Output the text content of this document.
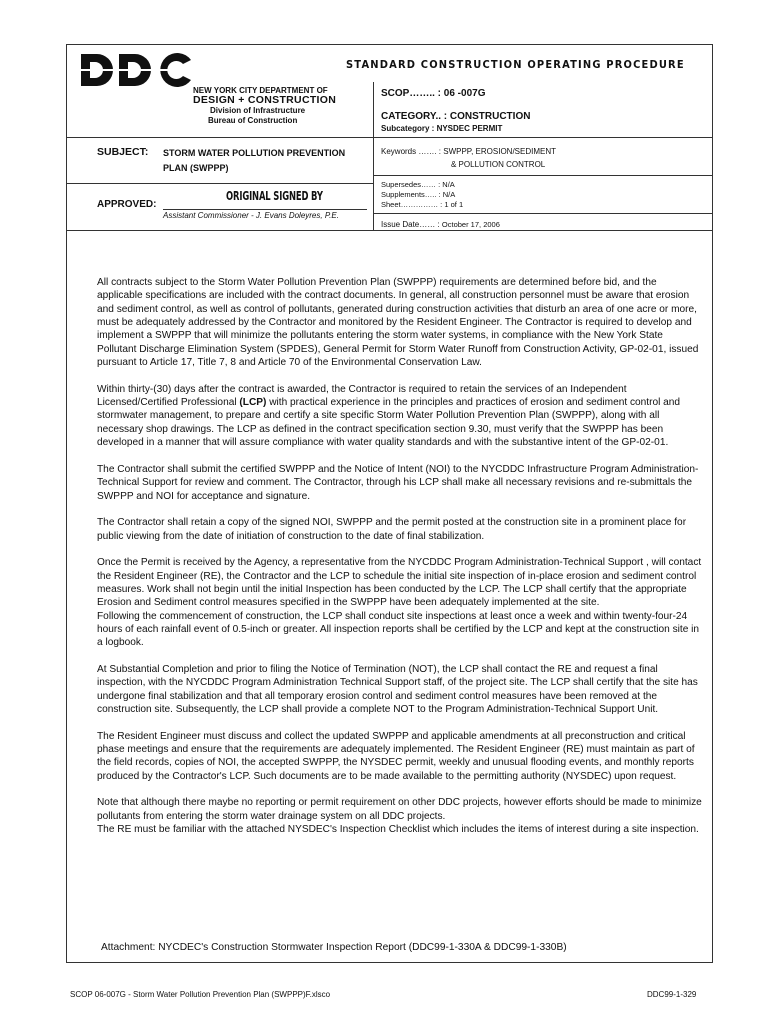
STANDARD CONSTRUCTION OPERATING PROCEDURE
NEW YORK CITY DEPARTMENT OF
DESIGN + CONSTRUCTION
Division of Infrastructure
Bureau of Construction
SUBJECT: STORM WATER POLLUTION PREVENTION
PLAN (SWPPP)
APPROVED:
ORIGINAL SIGNED BY
Assistant Commissioner - J. Evans Doleyres, P.E.
SCOP…….. : 06 -007G
CATEGORY.. : CONSTRUCTION
Subcategory : NYSDEC PERMIT
Keywords ……. : SWPPP, EROSION/SEDIMENT
& POLLUTION CONTROL
Supersedes…… : N/A
Supplements….. : N/A
Sheet…………… : 1 of 1
Issue Date…… : October 17, 2006

All contracts subject to the Storm Water Pollution Prevention Plan (SWPPP) requirements are determined before bid, and the applicable specifications are included with the contract documents. In general, all construction personnel must be aware that erosion and sediment control, as well as control of pollutants, generated during construction activities that disturb an area of one acre or more, must be adequately addressed by the Contractor and monitored by the Resident Engineer. The Contractor is required to develop and implement a SWPPP that will minimize the pollutants entering the storm water systems, in compliance with the New York State Pollutant Discharge Elimination System (SPDES), General Permit for Storm Water Runoff from Construction Activity, GP-02-01, issued pursuant to Article 17, Title 7, 8 and Article 70 of the Environmental Conservation Law.

Within thirty-(30) days after the contract is awarded, the Contractor is required to retain the services of an Independent Licensed/Certified Professional (LCP) with practical experience in the principles and practices of erosion and sediment control and stormwater management, to prepare and certify a site specific Storm Water Pollution Prevention Plan (SWPPP), along with all necessary shop drawings. The LCP as defined in the contract specification section 9.30, must verify that the SWPPP has been developed in a manner that will assure compliance with water quality standards and with the substantive intent of the GP-02-01.

The Contractor shall submit the certified SWPPP and the Notice of Intent (NOI) to the NYCDDC Infrastructure Program Administration-Technical Support for review and comment. The Contractor, through his LCP shall make all necessary revisions and re-submittals the SWPPP and NOI for acceptance and signature.

The Contractor shall retain a copy of the signed NOI, SWPPP and the permit posted at the construction site in a prominent place for public viewing from the date of initiation of construction to the date of final stabilization.

Once the Permit is received by the Agency, a representative from the NYCDDC Program Administration-Technical Support , will contact the Resident Engineer (RE), the Contractor and the LCP to schedule the initial site inspection of in-place erosion and sediment control measures. Work shall not begin until the initial Inspection has been conducted by the LCP. The LCP shall certify that the appropriate Erosion and Sediment control measures specified in the SWPPP have been adequately implemented at the site.

Following the commencement of construction, the LCP shall conduct site inspections at least once a week and within twenty-four-24 hours of each rainfall event of 0.5-inch or greater. All inspection reports shall be certified by the LCP and kept at the construction site in a logbook.

At Substantial Completion and prior to filing the Notice of Termination (NOT), the LCP shall contact the RE and request a final inspection, with the NYCDDC Program Administration Technical Support staff, of the project site. The LCP shall certify that the site has undergone final stabilization and that all temporary erosion control and sediment control measures have been removed at the construction site. Subsequently, the LCP shall provide a complete NOT to the Program Administration-Technical Support Unit.

The Resident Engineer must discuss and collect the updated SWPPP and applicable amendments at all preconstruction and critical phase meetings and ensure that the requirements are adequately implemented. The Resident Engineer (RE) must maintain as part of the field records, copies of NOI, the accepted SWPPP, the NYSDEC permit, weekly and unusual flooding events, and monthly reports produced by the Contractor's LCP. Such documents are to be made available to the permitting authority (NYSDEC) upon request.

Note that although there maybe no reporting or permit requirement on other DDC projects, however efforts should be made to minimize pollutants from entering the storm water drainage system on all DDC projects.

The RE must be familiar with the attached NYSDEC's Inspection Checklist which includes the items of interest during a site inspection.

Attachment: NYCDEC's Construction Stormwater Inspection Report (DDC99-1-330A & DDC99-1-330B)
SCOP 06-007G - Storm Water Pollution Prevention Plan (SWPPP)F.xlsco	DDC99-1-329
